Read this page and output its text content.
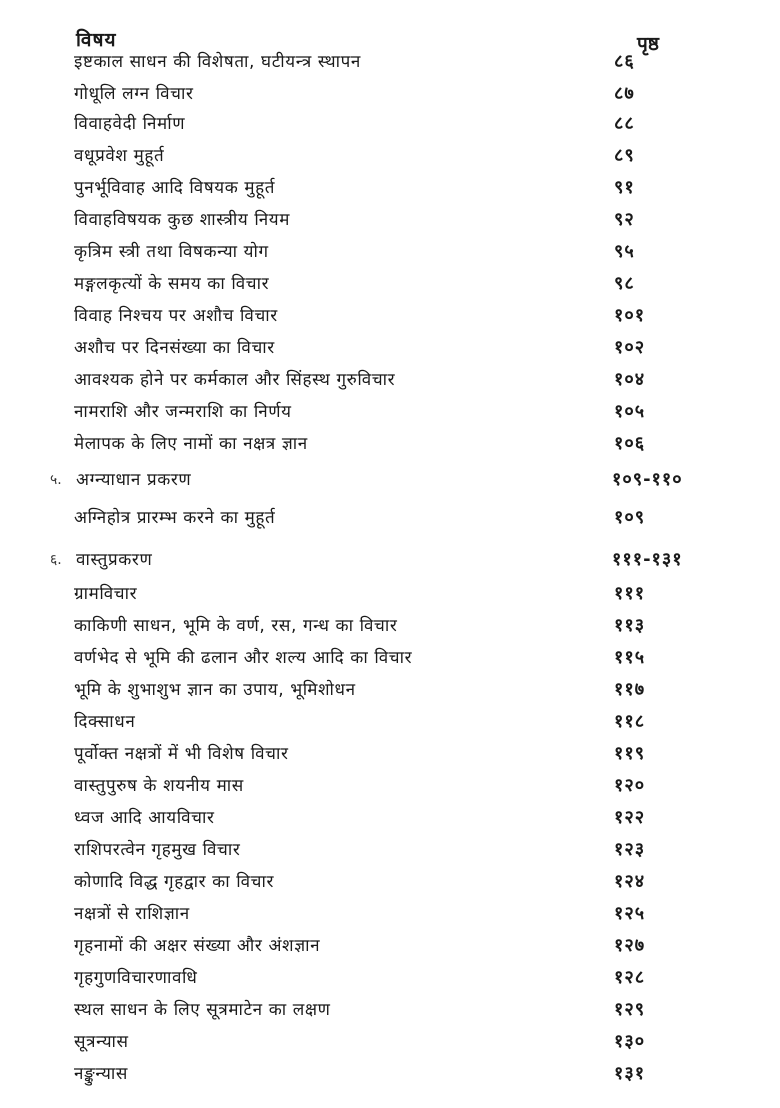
विषय	पृष्ठ
इष्टकाल साधन की विशेषता, घटीयन्त्र स्थापन	८६
गोधूलि लग्न विचार	८७
विवाहवेदी निर्माण	८८
वधूप्रवेश मुहूर्त	८९
पुनर्भूविवाह आदि विषयक मुहूर्त	९१
विवाहविषयक कुछ शास्त्रीय नियम	९२
कृत्रिम स्त्री तथा विषकन्या योग	९५
मङ्गलकृत्यों के समय का विचार	९८
विवाह निश्चय पर अशौच विचार	१०१
अशौच पर दिनसंख्या का विचार	१०२
आवश्यक होने पर कर्मकाल और सिंहस्थ गुरुविचार	१०४
नामराशि और जन्मराशि का निर्णय	१०५
मेलापक के लिए नामों का नक्षत्र ज्ञान	१०६
५. अग्न्याधान प्रकरण	१०९-११०
अग्निहोत्र प्रारम्भ करने का मुहूर्त	१०९
६. वास्तुप्रकरण	१११-१३१
ग्रामविचार	१११
काकिणी साधन, भूमि के वर्ण, रस, गन्ध का विचार	११३
वर्णभेद से भूमि की ढलान और शल्य आदि का विचार	११५
भूमि के शुभाशुभ ज्ञान का उपाय, भूमिशोधन	११७
दिक्साधन	११८
पूर्वोक्त नक्षत्रों में भी विशेष विचार	११९
वास्तुपुरुष के शयनीय मास	१२०
ध्वज आदि आयविचार	१२२
राशिपरत्वेन गृहमुख विचार	१२३
कोणादि विद्ध गृहद्वार का विचार	१२४
नक्षत्रों से राशिज्ञान	१२५
गृहनामों की अक्षर संख्या और अंशज्ञान	१२७
गृहगुणविचारणावधि	१२८
स्थल साधन के लिए सूत्रमाटेन का लक्षण	१२९
सूत्रन्यास	१३०
नङ्कुन्यास	१३१
